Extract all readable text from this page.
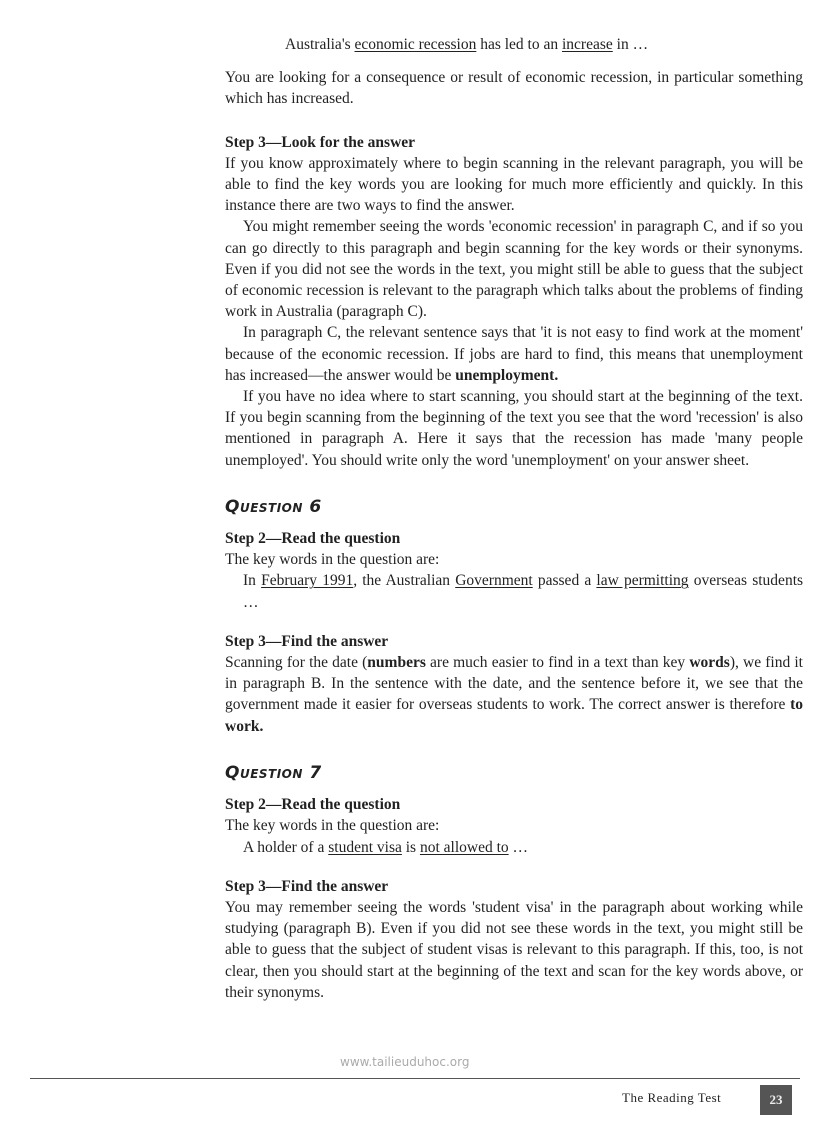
Australia's economic recession has led to an increase in …

You are looking for a consequence or result of economic recession, in particular something which has increased.

Step 3—Look for the answer

If you know approximately where to begin scanning in the relevant paragraph, you will be able to find the key words you are looking for much more efficiently and quickly. In this instance there are two ways to find the answer.

You might remember seeing the words 'economic recession' in paragraph C, and if so you can go directly to this paragraph and begin scanning for the key words or their synonyms. Even if you did not see the words in the text, you might still be able to guess that the subject of economic recession is relevant to the paragraph which talks about the problems of finding work in Australia (paragraph C).

In paragraph C, the relevant sentence says that 'it is not easy to find work at the moment' because of the economic recession. If jobs are hard to find, this means that unemployment has increased—the answer would be unemployment.

If you have no idea where to start scanning, you should start at the beginning of the text. If you begin scanning from the beginning of the text you see that the word 'recession' is also mentioned in paragraph A. Here it says that the recession has made 'many people unemployed'. You should write only the word 'unemployment' on your answer sheet.

Question 6

Step 2—Read the question

The key words in the question are:

In February 1991, the Australian Government passed a law permitting overseas students …

Step 3—Find the answer

Scanning for the date (numbers are much easier to find in a text than key words), we find it in paragraph B. In the sentence with the date, and the sentence before it, we see that the government made it easier for overseas students to work. The correct answer is therefore to work.

Question 7

Step 2—Read the question

The key words in the question are:

A holder of a student visa is not allowed to …

Step 3—Find the answer

You may remember seeing the words 'student visa' in the paragraph about working while studying (paragraph B). Even if you did not see these words in the text, you might still be able to guess that the subject of student visas is relevant to this paragraph. If this, too, is not clear, then you should start at the beginning of the text and scan for the key words above, or their synonyms.

www.tailieuduhoc.org
The Reading Test	23
